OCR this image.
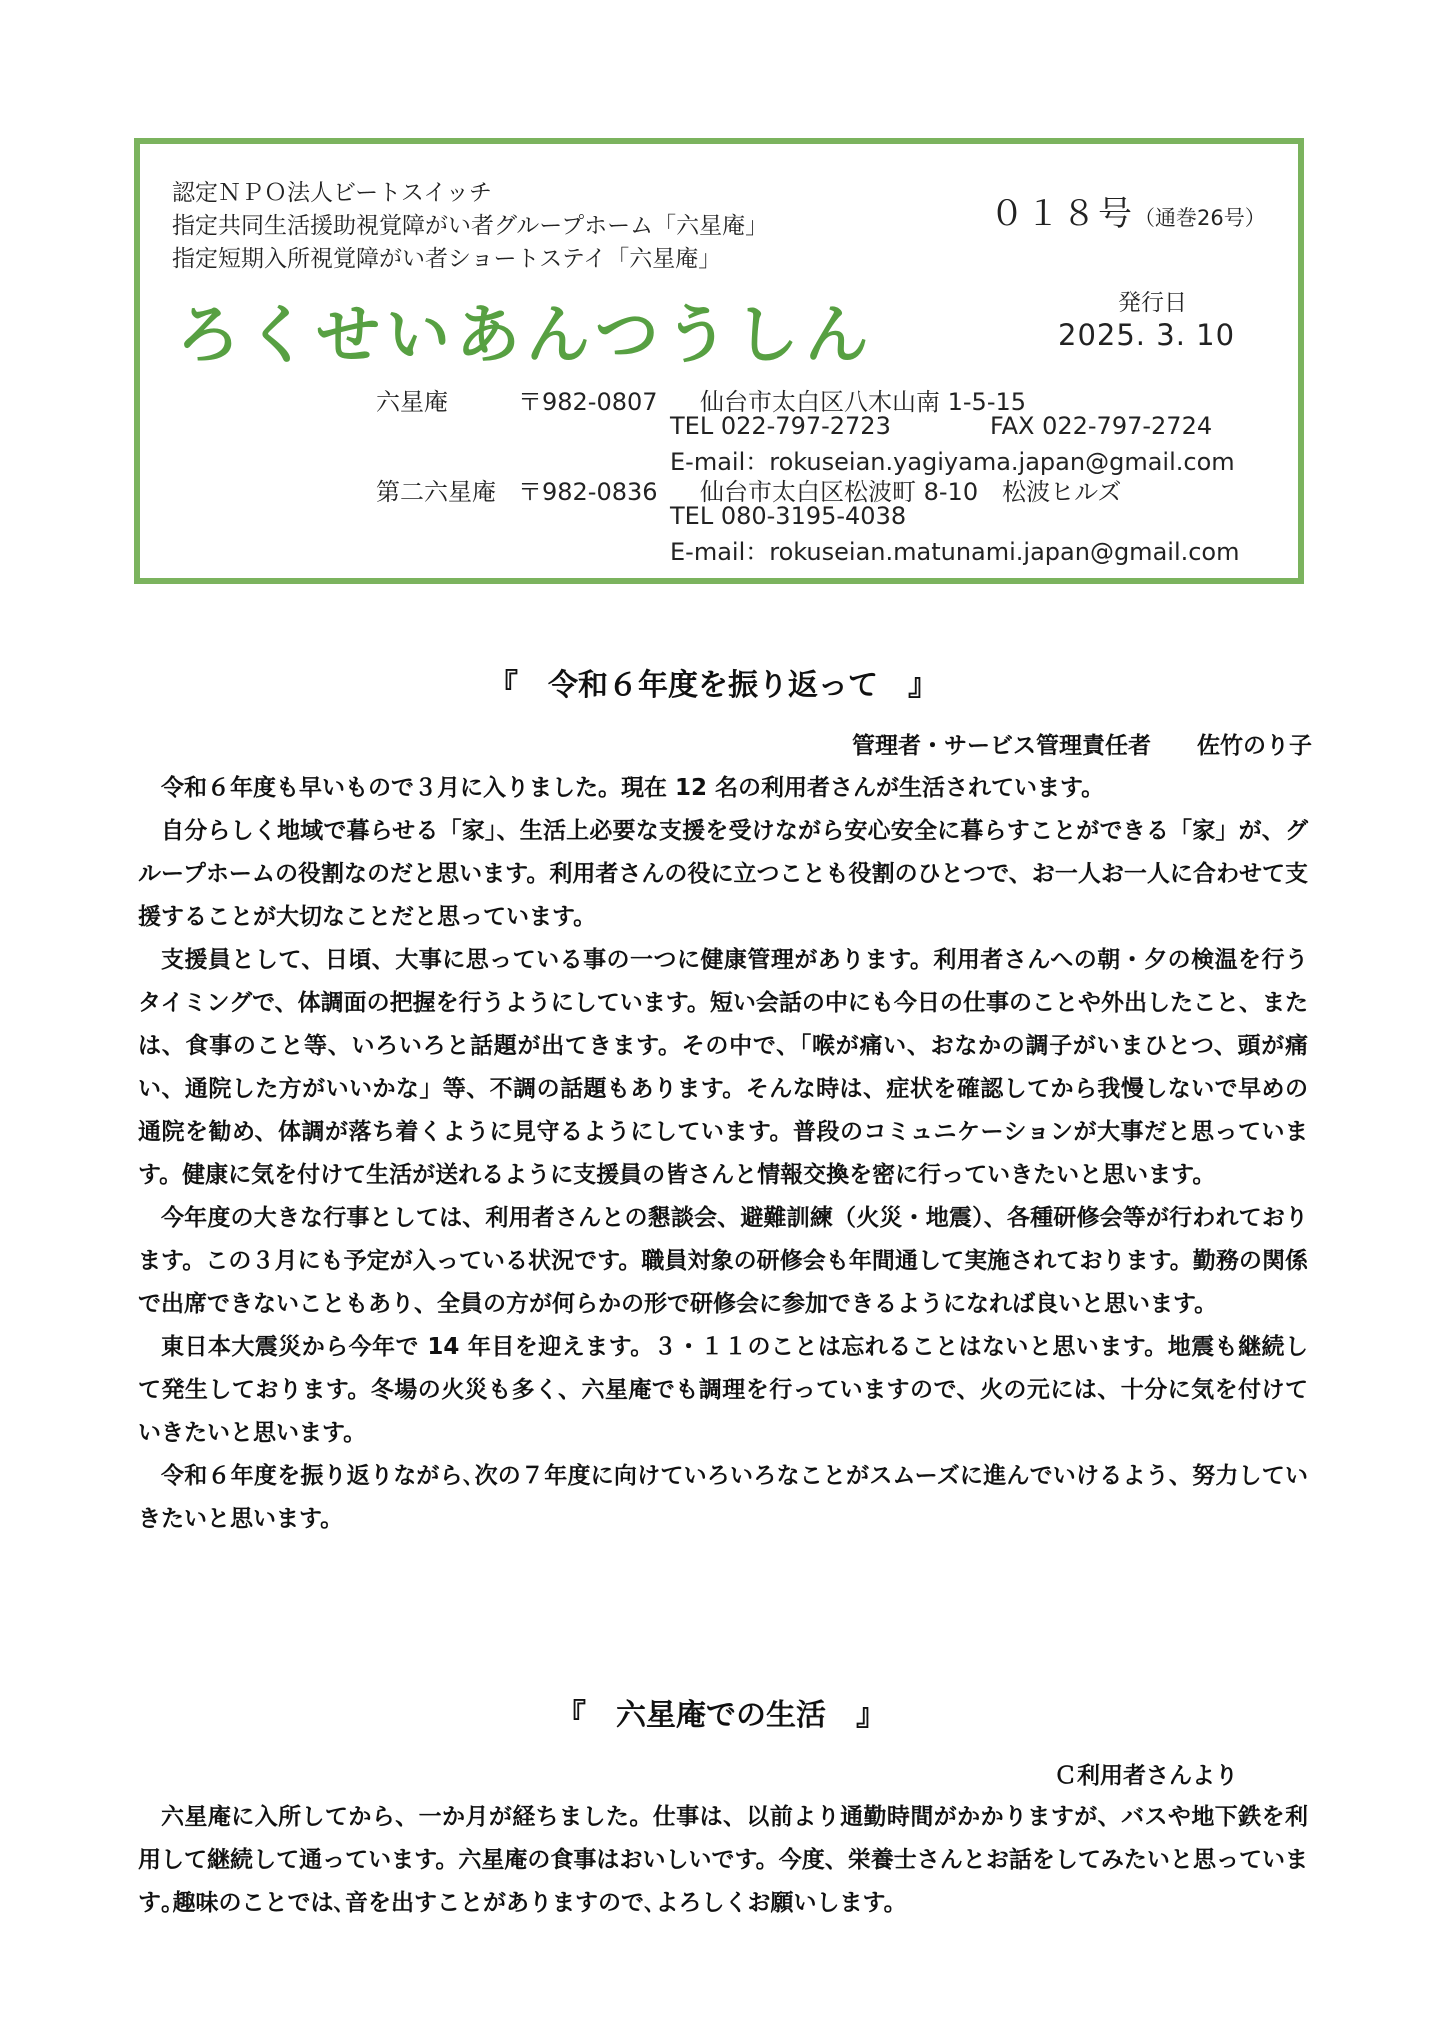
認定ＮＰＯ法人ビートスイッチ
指定共同生活援助視覚障がい者グループホーム「六星庵」
指定短期入所視覚障がい者ショートステイ「六星庵」
０１８号（通巻26号）
ろくせいあんつうしん	発行日
2025. 3. 10
六星庵	〒982-0807 仙台市太白区八木山南 1-5-15
TEL 022-797-2723	FAX 022-797-2724
E-mail：rokuseian.yagiyama.japan@gmail.com
第二六星庵 〒982-0836 仙台市太白区松波町 8-10　松波ヒルズ
TEL 080-3195-4038
E-mail：rokuseian.matunami.japan@gmail.com
『　令和６年度を振り返って　』
管理者・サービス管理責任者　　佐竹のり子

令和６年度も早いもので３月に入りました。現在 12 名の利用者さんが生活されています。

自分らしく地域で暮らせる「家」、生活上必要な支援を受けながら安心安全に暮らすことができる「家」が、グループホームの役割なのだと思います。利用者さんの役に立つことも役割のひとつで、お一人お一人に合わせて支援することが大切なことだと思っています。

支援員として、日頃、大事に思っている事の一つに健康管理があります。利用者さんへの朝・夕の検温を行うタイミングで、体調面の把握を行うようにしています。短い会話の中にも今日の仕事のことや外出したこと、または、食事のこと等、いろいろと話題が出てきます。その中で、「喉が痛い、おなかの調子がいまひとつ、頭が痛い、通院した方がいいかな」等、不調の話題もあります。そんな時は、症状を確認してから我慢しないで早めの通院を勧め、体調が落ち着くように見守るようにしています。普段のコミュニケーションが大事だと思っています。健康に気を付けて生活が送れるように支援員の皆さんと情報交換を密に行っていきたいと思います。

今年度の大きな行事としては、利用者さんとの懇談会、避難訓練（火災・地震）、各種研修会等が行われております。この３月にも予定が入っている状況です。職員対象の研修会も年間通して実施されております。勤務の関係で出席できないこともあり、全員の方が何らかの形で研修会に参加できるようになれば良いと思います。

東日本大震災から今年で 14 年目を迎えます。３・１１のことは忘れることはないと思います。地震も継続して発生しております。冬場の火災も多く、六星庵でも調理を行っていますので、火の元には、十分に気を付けていきたいと思います。

令和６年度を振り返りながら､次の７年度に向けていろいろなことがスムーズに進んでいけるよう、努力していきたいと思います。

『　六星庵での生活　』
Ｃ利用者さんより

六星庵に入所してから、一か月が経ちました。仕事は、以前より通勤時間がかかりますが、バスや地下鉄を利用して継続して通っています。六星庵の食事はおいしいです。今度、栄養士さんとお話をしてみたいと思っています｡趣味のことでは､音を出すことがありますので､よろしくお願いします。
